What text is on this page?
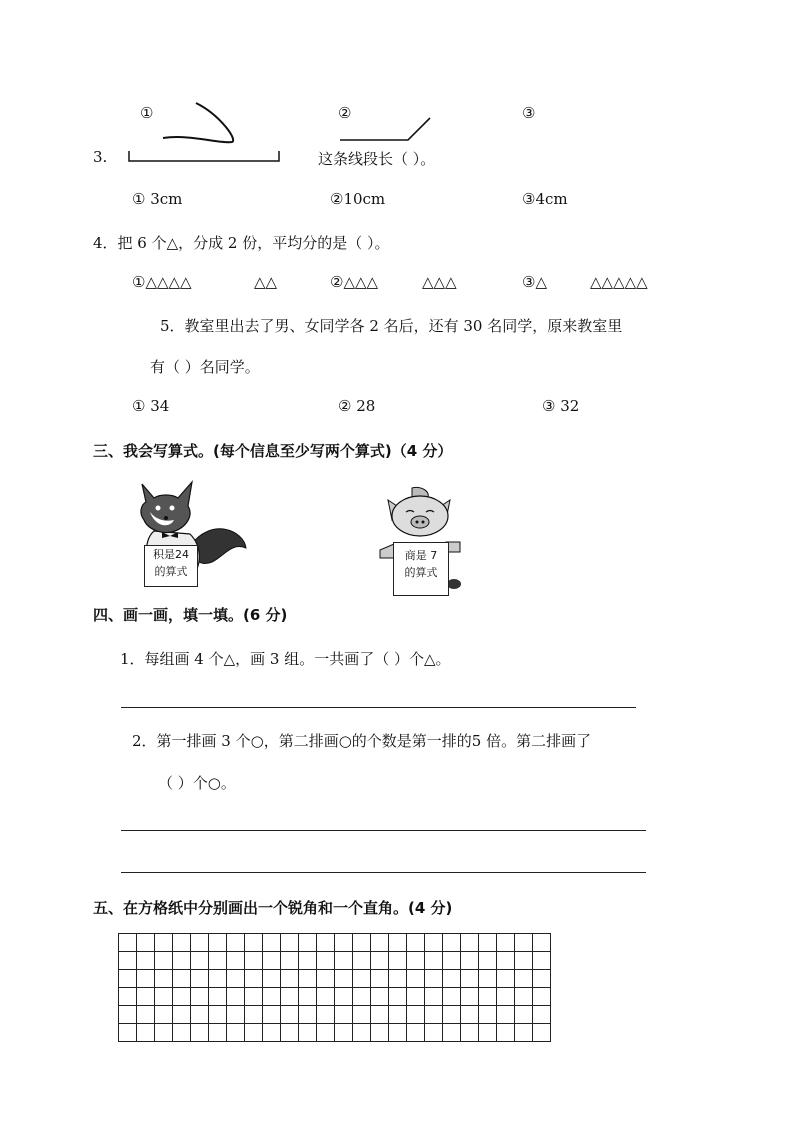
①	②	③
3.	这条线段长（ ）。
① 3cm	②10cm	③4cm
4．把 6 个△，分成 2 份，平均分的是（ ）。
①△△△△	△△	②△△△	△△△	③△	△△△△△
5．教室里出去了男、女同学各 2 名后，还有 30 名同学，原来教室里
有（ ）名同学。
① 34	② 28	③ 32
三、我会写算式。(每个信息至少写两个算式)（4 分）
积是24
的算式
商是 7
的算式
四、画一画，填一填。(6 分)
1．每组画 4 个△，画 3 组。一共画了（ ）个△。
2．第一排画 3 个○，第二排画○的个数是第一排的5 倍。第二排画了
（ ）个○。
五、在方格纸中分别画出一个锐角和一个直角。(4 分)
